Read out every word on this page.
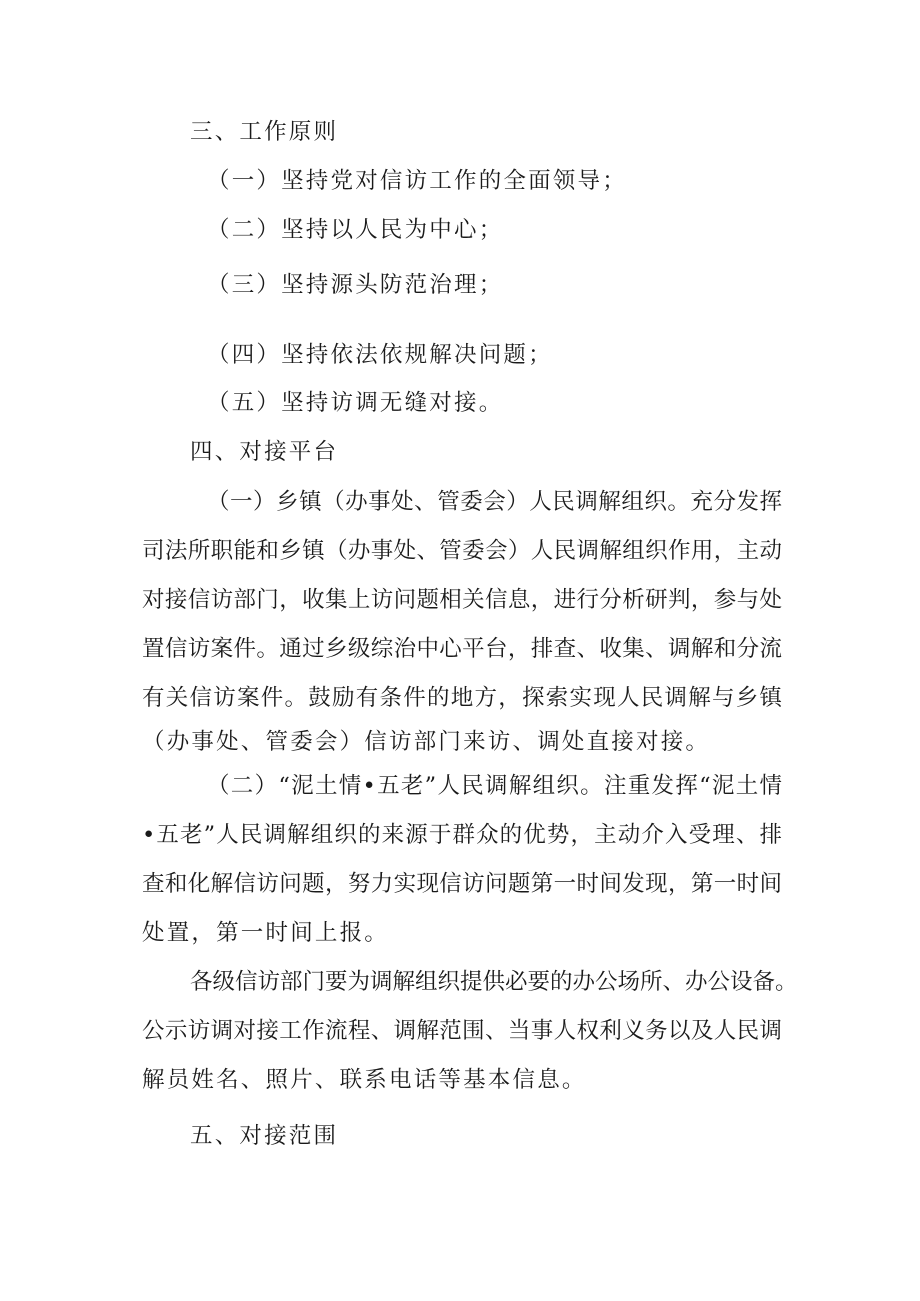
三、工作原则
（一）坚持党对信访工作的全面领导；
（二）坚持以人民为中心；
（三）坚持源头防范治理；
（四）坚持依法依规解决问题；
（五）坚持访调无缝对接。
四、对接平台
（一）乡镇（办事处、管委会）人民调解组织。充分发挥
司法所职能和乡镇（办事处、管委会）人民调解组织作用，主动
对接信访部门，收集上访问题相关信息，进行分析研判，参与处
置信访案件。通过乡级综治中心平台，排查、收集、调解和分流
有关信访案件。鼓励有条件的地方，探索实现人民调解与乡镇
（办事处、管委会）信访部门来访、调处直接对接。
（二）“泥土情•五老”人民调解组织。注重发挥“泥土情
•五老”人民调解组织的来源于群众的优势，主动介入受理、排
查和化解信访问题，努力实现信访问题第一时间发现，第一时间
处置，第一时间上报。
各级信访部门要为调解组织提供必要的办公场所、办公设备。
公示访调对接工作流程、调解范围、当事人权利义务以及人民调
解员姓名、照片、联系电话等基本信息。
五、对接范围
